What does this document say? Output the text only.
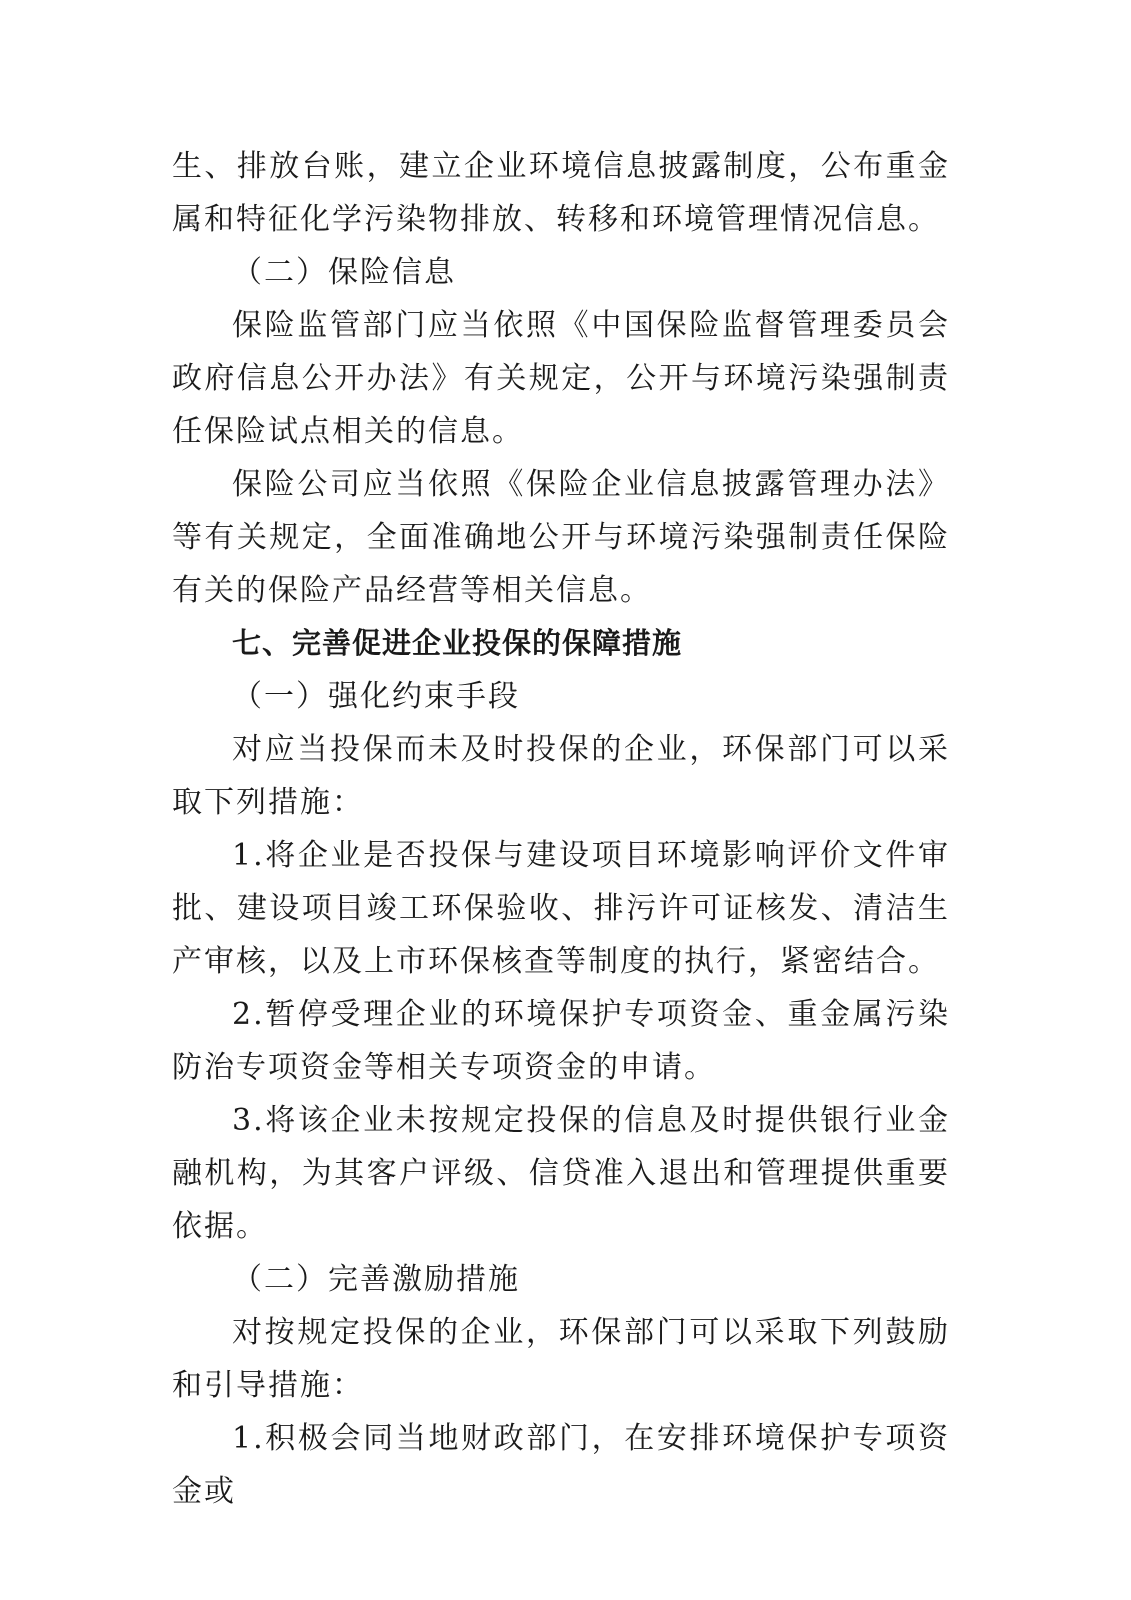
生、排放台账，建立企业环境信息披露制度，公布重金属和特征化学污染物排放、转移和环境管理情况信息。

（二）保险信息

保险监管部门应当依照《中国保险监督管理委员会政府信息公开办法》有关规定，公开与环境污染强制责任保险试点相关的信息。

保险公司应当依照《保险企业信息披露管理办法》等有关规定，全面准确地公开与环境污染强制责任保险有关的保险产品经营等相关信息。

七、完善促进企业投保的保障措施

（一）强化约束手段

对应当投保而未及时投保的企业，环保部门可以采取下列措施：

1.将企业是否投保与建设项目环境影响评价文件审批、建设项目竣工环保验收、排污许可证核发、清洁生产审核，以及上市环保核查等制度的执行，紧密结合。

2.暂停受理企业的环境保护专项资金、重金属污染防治专项资金等相关专项资金的申请。

3.将该企业未按规定投保的信息及时提供银行业金融机构，为其客户评级、信贷准入退出和管理提供重要依据。

（二）完善激励措施

对按规定投保的企业，环保部门可以采取下列鼓励和引导措施：

1.积极会同当地财政部门，在安排环境保护专项资金或
